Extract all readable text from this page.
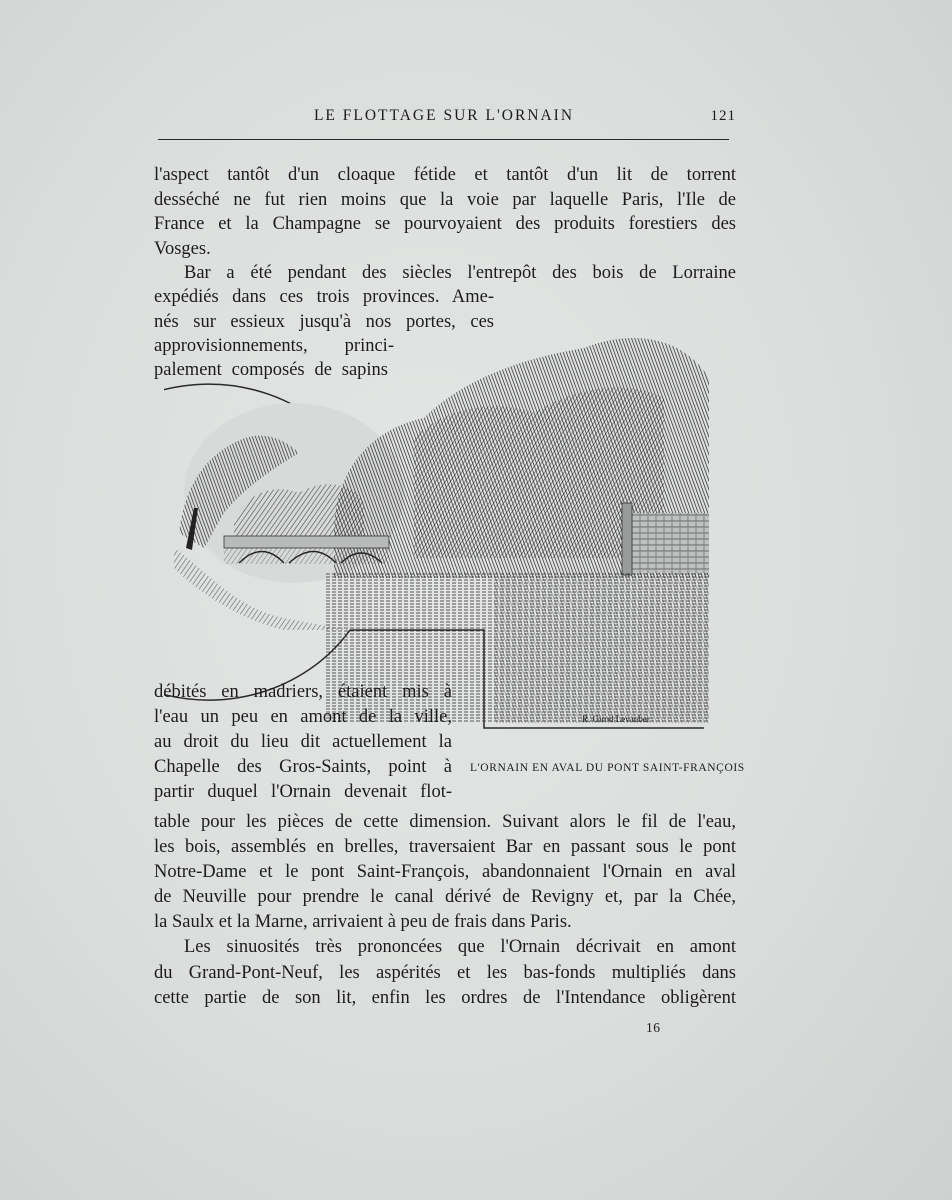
LE FLOTTAGE SUR L'ORNAIN	121
l'aspect tantôt d'un cloaque fétide et tantôt d'un lit de torrent
desséché ne fut rien moins que la voie par laquelle Paris, l'Ile de
France et la Champagne se pourvoyaient des produits forestiers des
Vosges.
Bar a été pendant des siècles l'entrepôt des bois de Lorraine
expédiés dans ces trois provinces. Ame-
nés sur essieux jusqu'à nos portes, ces
approvisionnements, princi-
palement composés de sapins
R. Girod Levauber
débités en madriers, étaient mis à
l'eau un peu en amont de la ville,
au droit du lieu dit actuellement la
Chapelle des Gros-Saints, point à
partir duquel l'Ornain devenait flot-
L'ORNAIN EN AVAL DU PONT SAINT-FRANÇOIS
table pour les pièces de cette dimension. Suivant alors le fil de l'eau,
les bois, assemblés en brelles, traversaient Bar en passant sous le pont
Notre-Dame et le pont Saint-François, abandonnaient l'Ornain en aval
de Neuville pour prendre le canal dérivé de Revigny et, par la Chée,
la Saulx et la Marne, arrivaient à peu de frais dans Paris.
Les sinuosités très prononcées que l'Ornain décrivait en amont
du Grand-Pont-Neuf, les aspérités et les bas-fonds multipliés dans
cette partie de son lit, enfin les ordres de l'Intendance obligèrent
16
